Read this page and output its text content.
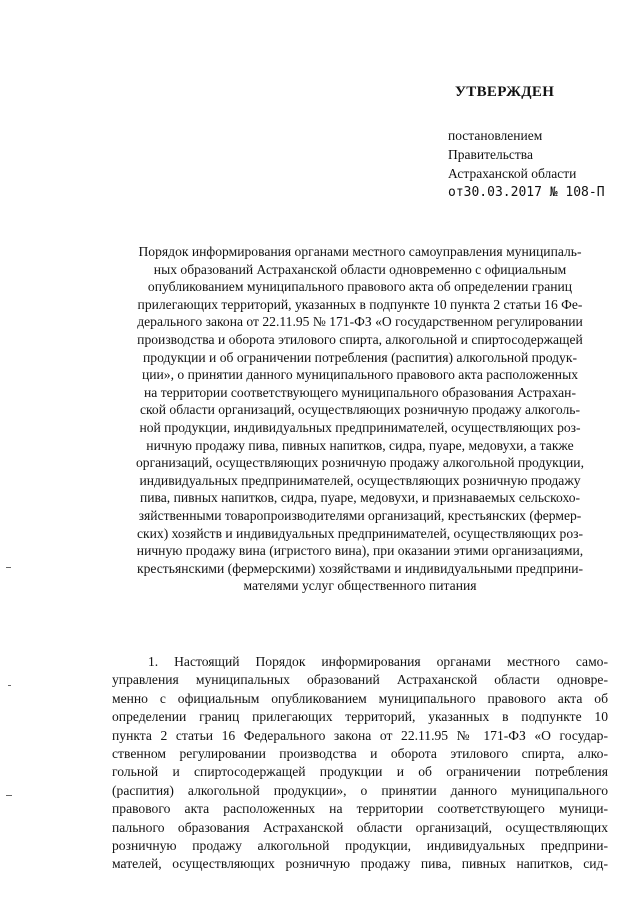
УТВЕРЖДЕН
постановлением
Правительства
Астраханской области
от30.03.2017 № 108-П
Порядок информирования органами местного самоуправления муниципаль-
ных образований Астраханской области одновременно с официальным
опубликованием муниципального правового акта об определении границ
прилегающих территорий, указанных в подпункте 10 пункта 2 статьи 16 Фе-
дерального закона от 22.11.95 № 171-ФЗ «О государственном регулировании
производства и оборота этилового спирта, алкогольной и спиртосодержащей
продукции и об ограничении потребления (распития) алкогольной продук-
ции», о принятии данного муниципального правового акта расположенных
на территории соответствующего муниципального образования Астрахан-
ской области организаций, осуществляющих розничную продажу алкоголь-
ной продукции, индивидуальных предпринимателей, осуществляющих роз-
ничную продажу пива, пивных напитков, сидра, пуаре, медовухи, а также
организаций, осуществляющих розничную продажу алкогольной продукции,
индивидуальных предпринимателей, осуществляющих розничную продажу
пива, пивных напитков, сидра, пуаре, медовухи, и признаваемых сельскохо-
зяйственными товаропроизводителями организаций, крестьянских (фермер-
ских) хозяйств и индивидуальных предпринимателей, осуществляющих роз-
ничную продажу вина (игристого вина), при оказании этими организациями,
крестьянскими (фермерскими) хозяйствами и индивидуальными предприни-
мателями услуг общественного питания
1. Настоящий Порядок информирования органами местного само-
управления муниципальных образований Астраханской области одновре-
менно с официальным опубликованием муниципального правового акта об
определении границ прилегающих территорий, указанных в подпункте 10
пункта 2 статьи 16 Федерального закона от 22.11.95 № 171-ФЗ «О государ-
ственном регулировании производства и оборота этилового спирта, алко-
гольной и спиртосодержащей продукции и об ограничении потребления
(распития) алкогольной продукции», о принятии данного муниципального
правового акта расположенных на территории соответствующего муници-
пального образования Астраханской области организаций, осуществляющих
розничную продажу алкогольной продукции, индивидуальных предприни-
мателей, осуществляющих розничную продажу пива, пивных напитков, сид-
